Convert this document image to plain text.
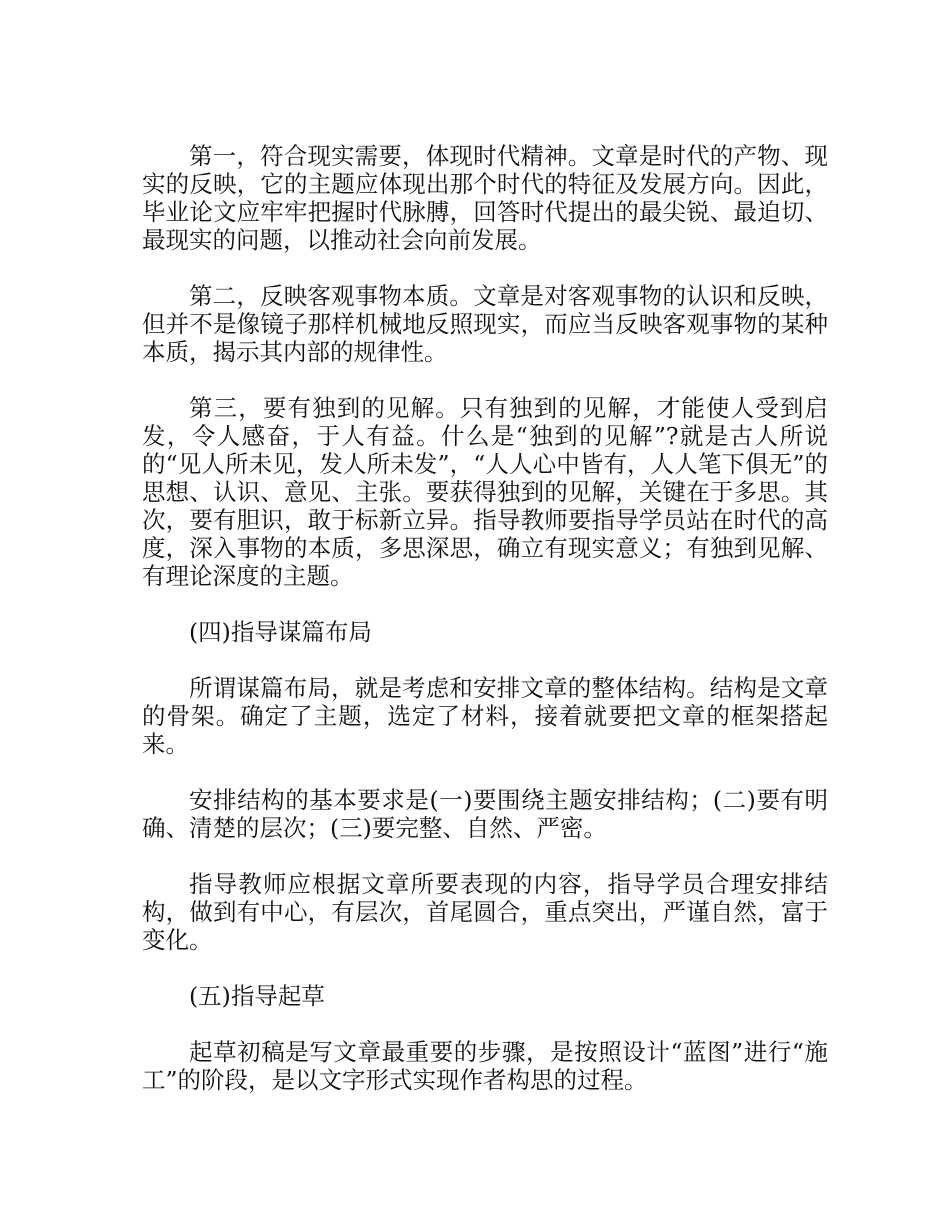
第一，符合现实需要，体现时代精神。文章是时代的产物、现实的反映，它的主题应体现出那个时代的特征及发展方向。因此，毕业论文应牢牢把握时代脉膊，回答时代提出的最尖锐、最迫切、最现实的问题，以推动社会向前发展。

第二，反映客观事物本质。文章是对客观事物的认识和反映，但并不是像镜子那样机械地反照现实，而应当反映客观事物的某种本质，揭示其内部的规律性。

第三，要有独到的见解。只有独到的见解，才能使人受到启发，令人感奋，于人有益。什么是“独到的见解”?就是古人所说的“见人所未见，发人所未发”，“人人心中皆有，人人笔下俱无”的思想、认识、意见、主张。要获得独到的见解，关键在于多思。其次，要有胆识，敢于标新立异。指导教师要指导学员站在时代的高度，深入事物的本质，多思深思，确立有现实意义；有独到见解、有理论深度的主题。

(四)指导谋篇布局

所谓谋篇布局，就是考虑和安排文章的整体结构。结构是文章的骨架。确定了主题，选定了材料，接着就要把文章的框架搭起来。

安排结构的基本要求是(一)要围绕主题安排结构；(二)要有明确、清楚的层次；(三)要完整、自然、严密。

指导教师应根据文章所要表现的内容，指导学员合理安排结构，做到有中心，有层次，首尾圆合，重点突出，严谨自然，富于变化。

(五)指导起草

起草初稿是写文章最重要的步骤，是按照设计“蓝图”进行“施工”的阶段，是以文字形式实现作者构思的过程。
